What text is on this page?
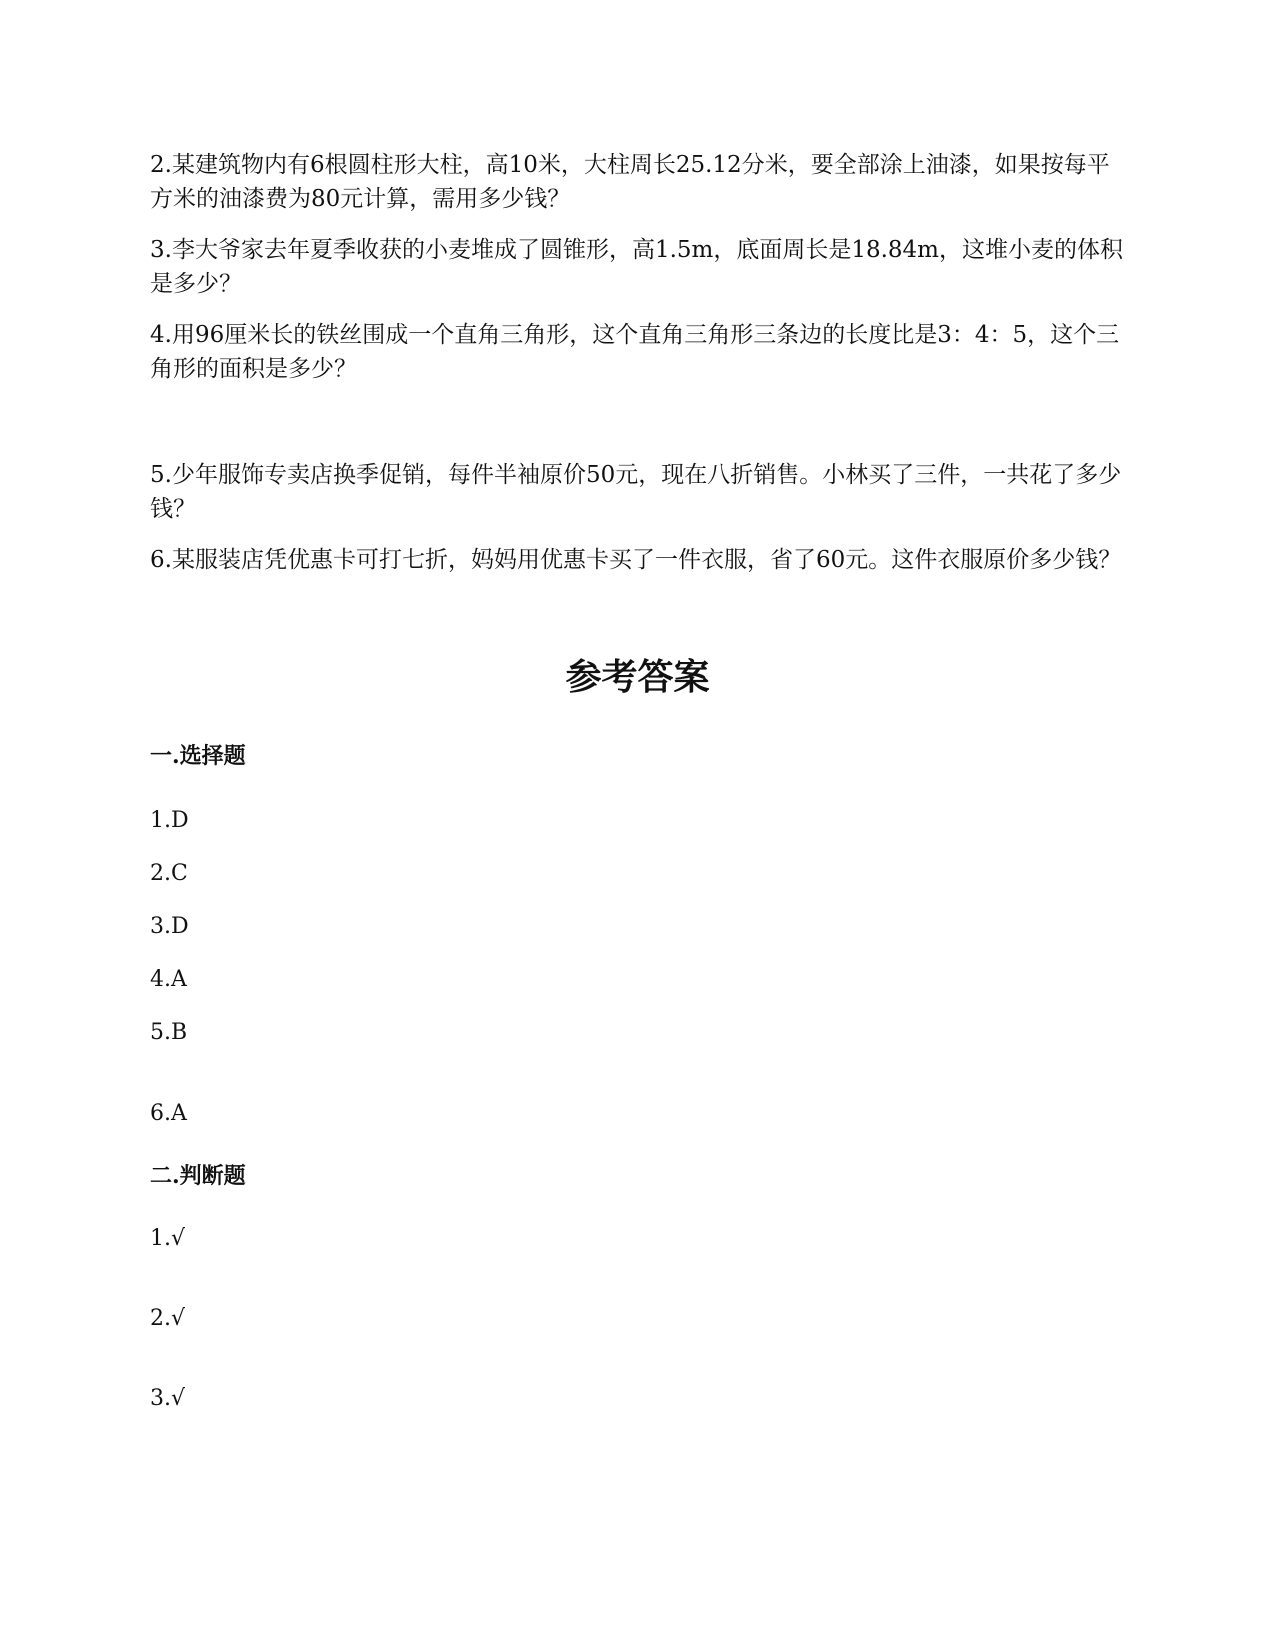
2.某建筑物内有6根圆柱形大柱，高10米，大柱周长25.12分米，要全部涂上油漆，如果按每平方米的油漆费为80元计算，需用多少钱？

3.李大爷家去年夏季收获的小麦堆成了圆锥形，高1.5m，底面周长是18.84m，这堆小麦的体积是多少？

4.用96厘米长的铁丝围成一个直角三角形，这个直角三角形三条边的长度比是3：4：5，这个三角形的面积是多少？

5.少年服饰专卖店换季促销，每件半袖原价50元，现在八折销售。小林买了三件，一共花了多少钱？

6.某服装店凭优惠卡可打七折，妈妈用优惠卡买了一件衣服，省了60元。这件衣服原价多少钱？

参考答案
一.选择题

1.D

2.C

3.D

4.A

5.B

6.A

二.判断题

1.√

2.√

3.√
